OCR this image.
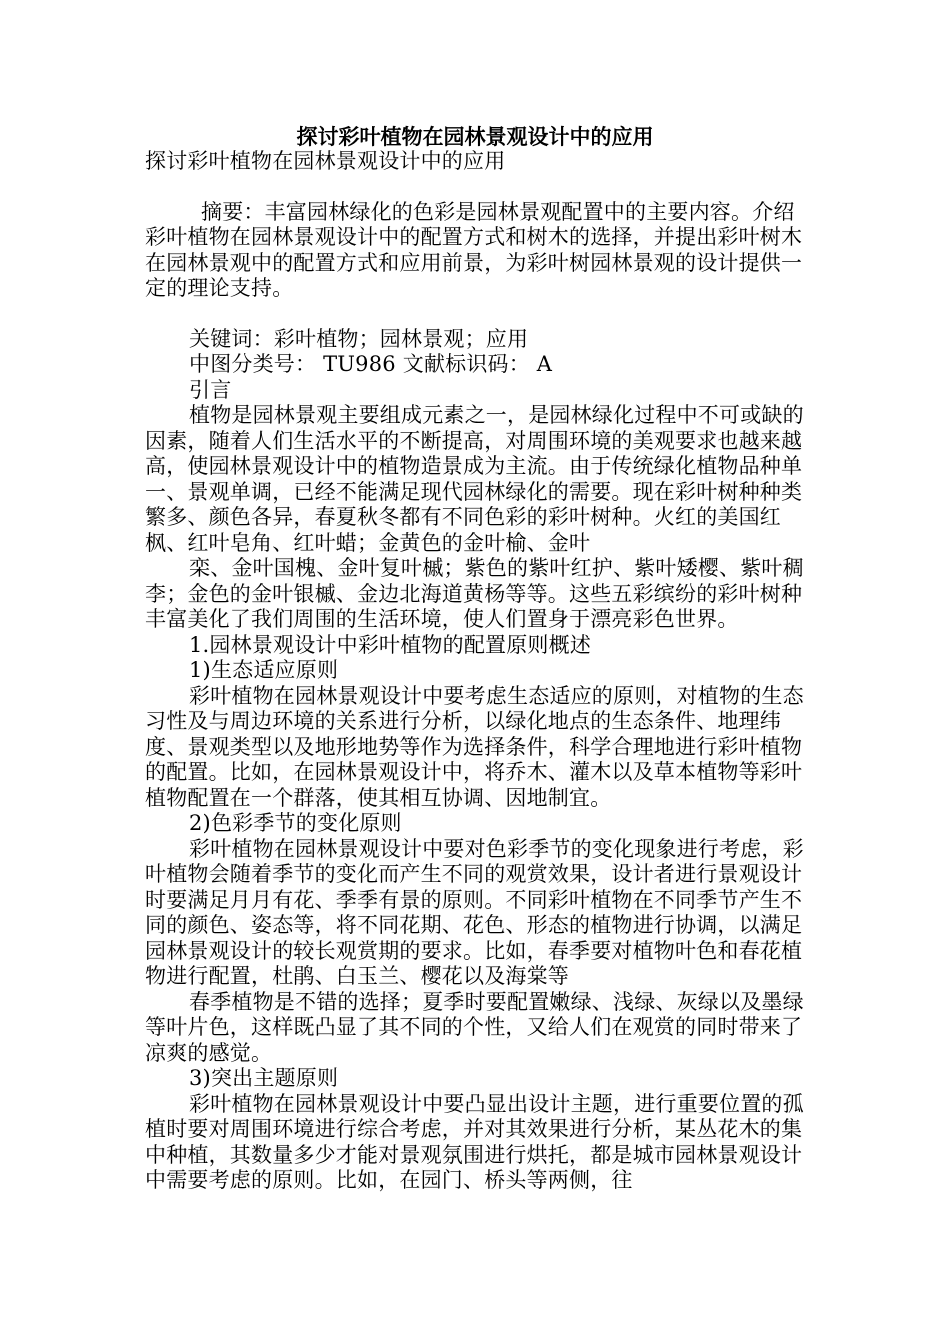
探讨彩叶植物在园林景观设计中的应用

探讨彩叶植物在园林景观设计中的应用

摘要：丰富园林绿化的色彩是园林景观配置中的主要内容。介绍彩叶植物在园林景观设计中的配置方式和树木的选择，并提出彩叶树木在园林景观中的配置方式和应用前景，为彩叶树园林景观的设计提供一定的理论支持。

关键词：彩叶植物；园林景观；应用

中图分类号： TU986 文献标识码： A

引言

植物是园林景观主要组成元素之一，是园林绿化过程中不可或缺的因素，随着人们生活水平的不断提高，对周围环境的美观要求也越来越高，使园林景观设计中的植物造景成为主流。由于传统绿化植物品种单一、景观单调，已经不能满足现代园林绿化的需要。现在彩叶树种种类繁多、颜色各异，春夏秋冬都有不同色彩的彩叶树种。火红的美国红枫、红叶皂角、红叶蜡；金黄色的金叶榆、金叶

栾、金叶国槐、金叶复叶槭；紫色的紫叶红护、紫叶矮樱、紫叶稠李；金色的金叶银槭、金边北海道黄杨等等。这些五彩缤纷的彩叶树种丰富美化了我们周围的生活环境，使人们置身于漂亮彩色世界。

1.园林景观设计中彩叶植物的配置原则概述

1)生态适应原则

彩叶植物在园林景观设计中要考虑生态适应的原则，对植物的生态习性及与周边环境的关系进行分析，以绿化地点的生态条件、地理纬度、景观类型以及地形地势等作为选择条件，科学合理地进行彩叶植物的配置。比如，在园林景观设计中，将乔木、灌木以及草本植物等彩叶植物配置在一个群落，使其相互协调、因地制宜。

2)色彩季节的变化原则

彩叶植物在园林景观设计中要对色彩季节的变化现象进行考虑，彩叶植物会随着季节的变化而产生不同的观赏效果，设计者进行景观设计时要满足月月有花、季季有景的原则。不同彩叶植物在不同季节产生不同的颜色、姿态等，将不同花期、花色、形态的植物进行协调，以满足园林景观设计的较长观赏期的要求。比如，春季要对植物叶色和春花植物进行配置，杜鹃、白玉兰、樱花以及海棠等

春季植物是不错的选择；夏季时要配置嫩绿、浅绿、灰绿以及墨绿等叶片色，这样既凸显了其不同的个性，又给人们在观赏的同时带来了凉爽的感觉。

3)突出主题原则

彩叶植物在园林景观设计中要凸显出设计主题，进行重要位置的孤植时要对周围环境进行综合考虑，并对其效果进行分析，某丛花木的集中种植，其数量多少才能对景观氛围进行烘托，都是城市园林景观设计中需要考虑的原则。比如，在园门、桥头等两侧，往
